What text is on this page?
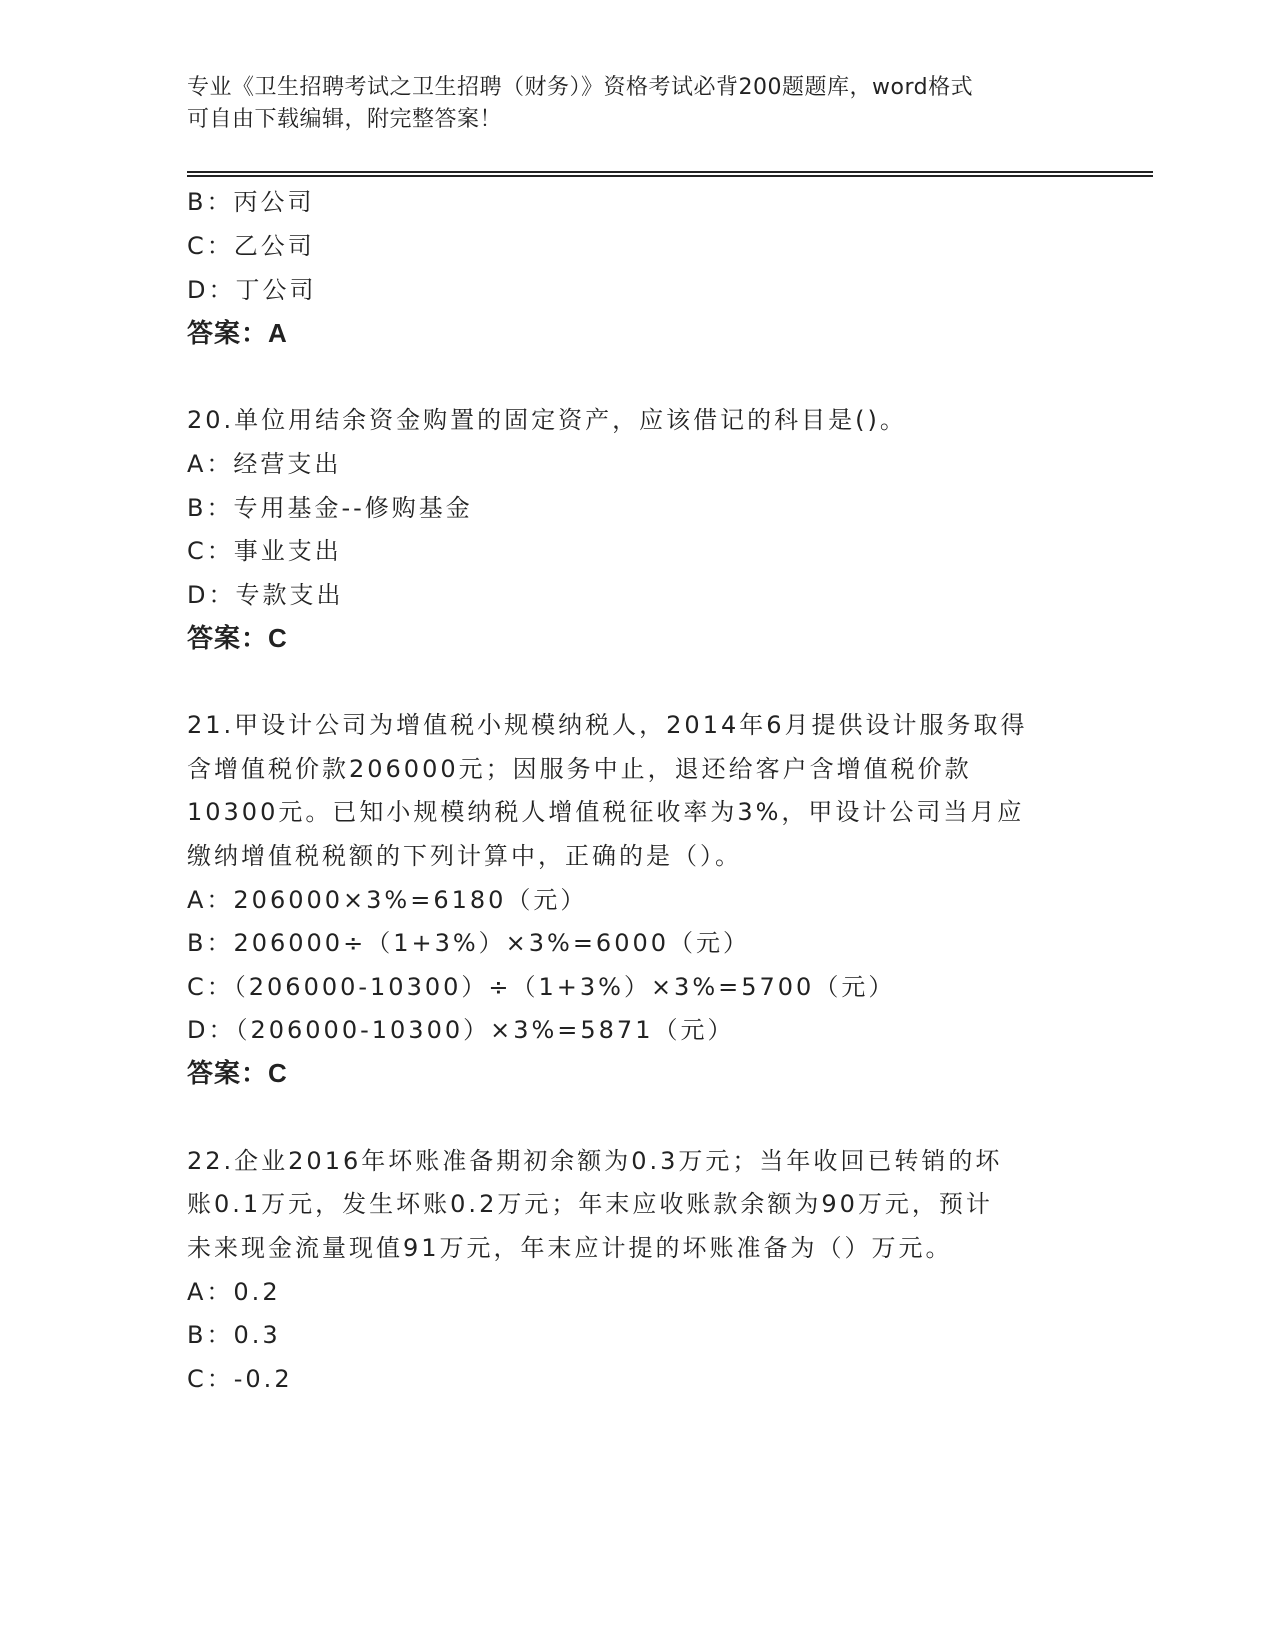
专业《卫生招聘考试之卫生招聘（财务）》资格考试必背200题题库，word格式
可自由下载编辑，附完整答案！
B：丙公司
C：乙公司
D：丁公司
答案：A
20.单位用结余资金购置的固定资产，应该借记的科目是()。
A：经营支出
B：专用基金--修购基金
C：事业支出
D：专款支出
答案：C
21.甲设计公司为增值税小规模纳税人，2014年6月提供设计服务取得
含增值税价款206000元；因服务中止，退还给客户含增值税价款
10300元。已知小规模纳税人增值税征收率为3%，甲设计公司当月应
缴纳增值税税额的下列计算中，正确的是（）。
A：206000×3%=6180（元）
B：206000÷（1+3%）×3%=6000（元）
C：（206000-10300）÷（1+3%）×3%=5700（元）
D：（206000-10300）×3%=5871（元）
答案：C
22.企业2016年坏账准备期初余额为0.3万元；当年收回已转销的坏
账0.1万元，发生坏账0.2万元；年末应收账款余额为90万元，预计
未来现金流量现值91万元，年末应计提的坏账准备为（）万元。
A：0.2
B：0.3
C：-0.2
